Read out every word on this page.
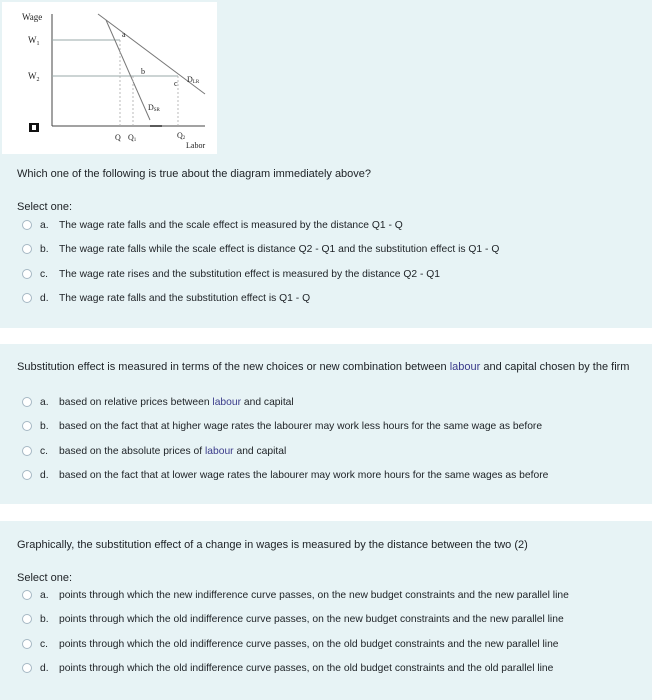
Wage
$W_1$
$W_2$
a
b
c DLR
DSR
Q Q1
Q2
Labor
Which one of the following is true about the diagram immediately above?
Select one:
a. The wage rate falls and the scale effect is measured by the distance Q1 - Q
b. The wage rate falls while the scale effect is distance Q2 - Q1 and the substitution effect is Q1 - Q
c. The wage rate rises and the substitution effect is measured by the distance Q2 - Q1
d. The wage rate falls and the substitution effect is Q1 - Q
Substitution effect is measured in terms of the new choices or new combination between labour and capital chosen by the firm
a. based on relative prices between labour and capital
b. based on the fact that at higher wage rates the labourer may work less hours for the same wage as before
c. based on the absolute prices of labour and capital
d. based on the fact that at lower wage rates the labourer may work more hours for the same wages as before
Graphically, the substitution effect of a change in wages is measured by the distance between the two (2)
Select one:
a. points through which the new indifference curve passes, on the new budget constraints and the new parallel line
b. points through which the old indifference curve passes, on the new budget constraints and the new parallel line
c. points through which the old indifference curve passes, on the old budget constraints and the new parallel line
d. points through which the old indifference curve passes, on the old budget constraints and the old parallel line
